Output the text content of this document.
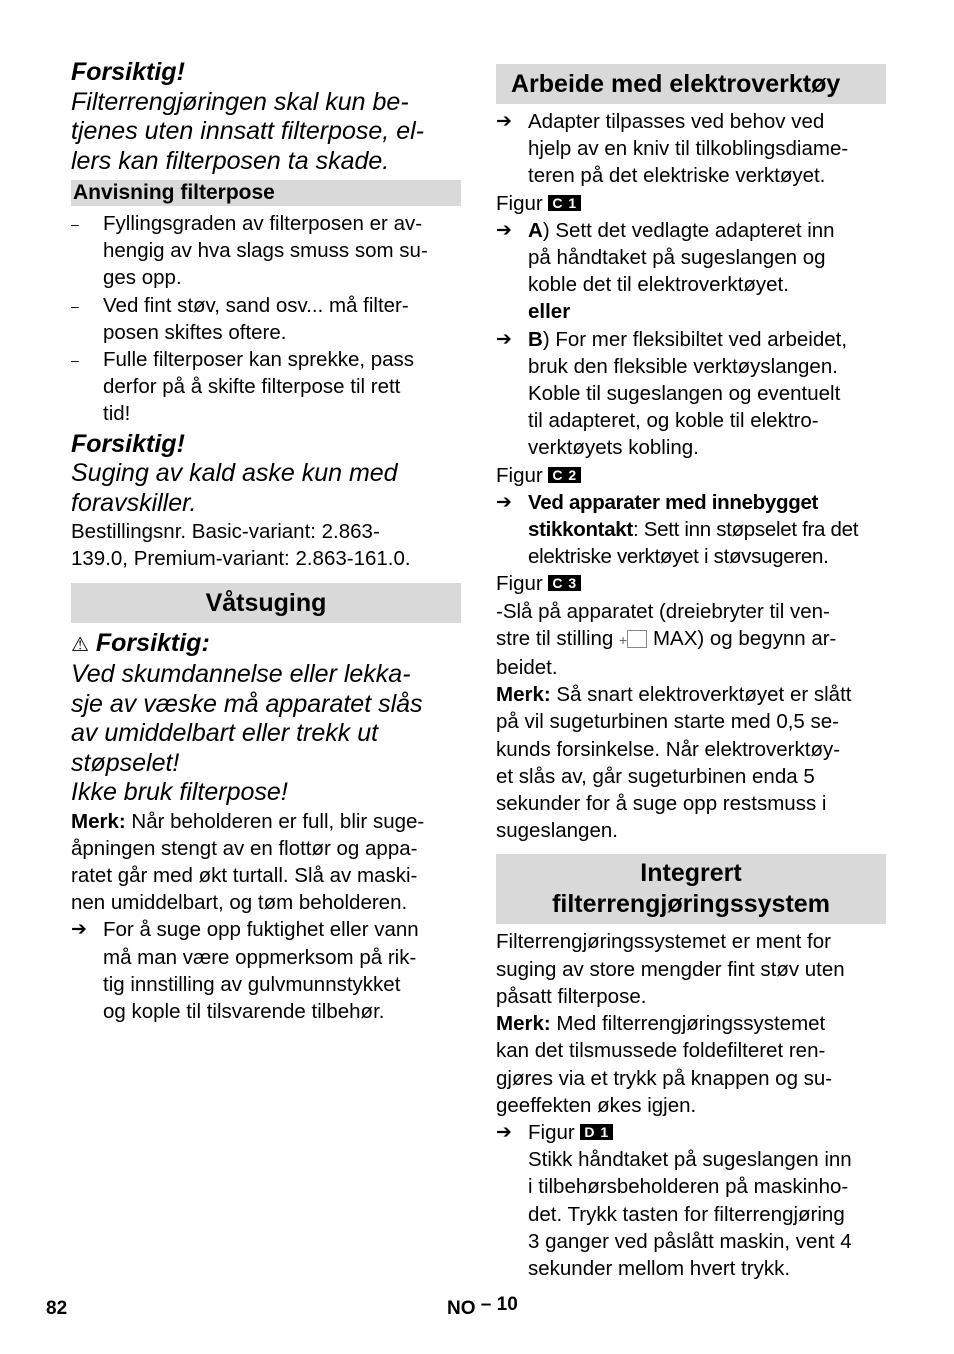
Forsiktig!
Filterrengjøringen skal kun be-
tjenes uten innsatt filterpose, el-
lers kan filterposen ta skade.
Anvisning filterpose
–	Fyllingsgraden av filterposen er av-
hengig av hva slags smuss som su-
ges opp.
–	Ved fint støv, sand osv... må filter-
posen skiftes oftere.
–	Fulle filterposer kan sprekke, pass
derfor på å skifte filterpose til rett
tid!
Forsiktig!
Suging av kald aske kun med
foravskiller.
Bestillingsnr. Basic-variant: 2.863-
139.0, Premium-variant: 2.863-161.0.
Våtsuging
⚠ Forsiktig:
Ved skumdannelse eller lekka-
sje av væske må apparatet slås
av umiddelbart eller trekk ut
støpselet!
Ikke bruk filterpose!
Merk: Når beholderen er full, blir suge-
åpningen stengt av en flottør og appa-
ratet går med økt turtall. Slå av maski-
nen umiddelbart, og tøm beholderen.
➔ For å suge opp fuktighet eller vann
må man være oppmerksom på rik-
tig innstilling av gulvmunnstykket
og kople til tilsvarende tilbehør.
Arbeide med elektroverktøy
➔ Adapter tilpasses ved behov ved
hjelp av en kniv til tilkoblingsdiame-
teren på det elektriske verktøyet.
Figur C 1
➔ A) Sett det vedlagte adapteret inn
på håndtaket på sugeslangen og
koble det til elektroverktøyet.
eller
➔ B) For mer fleksibiltet ved arbeidet,
bruk den fleksible verktøyslangen.
Koble til sugeslangen og eventuelt
til adapteret, og koble til elektro-
verktøyets kobling.
Figur C 2
➔ Ved apparater med innebygget
stikkontakt: Sett inn støpselet fra det
elektriske verktøyet i støvsugeren.
Figur C 3
-Slå på apparatet (dreiebryter til ven-
stre til stilling + MAX) og begynn ar-
beidet.
Merk: Så snart elektroverktøyet er slått
på vil sugeturbinen starte med 0,5 se-
kunds forsinkelse. Når elektroverktøy-
et slås av, går sugeturbinen enda 5
sekunder for å suge opp restsmuss i
sugeslangen.
Integrert
filterrengjøringssystem
Filterrengjøringssystemet er ment for
suging av store mengder fint støv uten
påsatt filterpose.
Merk: Med filterrengjøringssystemet
kan det tilsmussede foldefilteret ren-
gjøres via et trykk på knappen og su-
geeffekten økes igjen.
➔ Figur D 1
Stikk håndtaket på sugeslangen inn
i tilbehørsbeholderen på maskinho-
det. Trykk tasten for filterrengjøring
3 ganger ved påslått maskin, vent 4
sekunder mellom hvert trykk.
82	NO – 10
